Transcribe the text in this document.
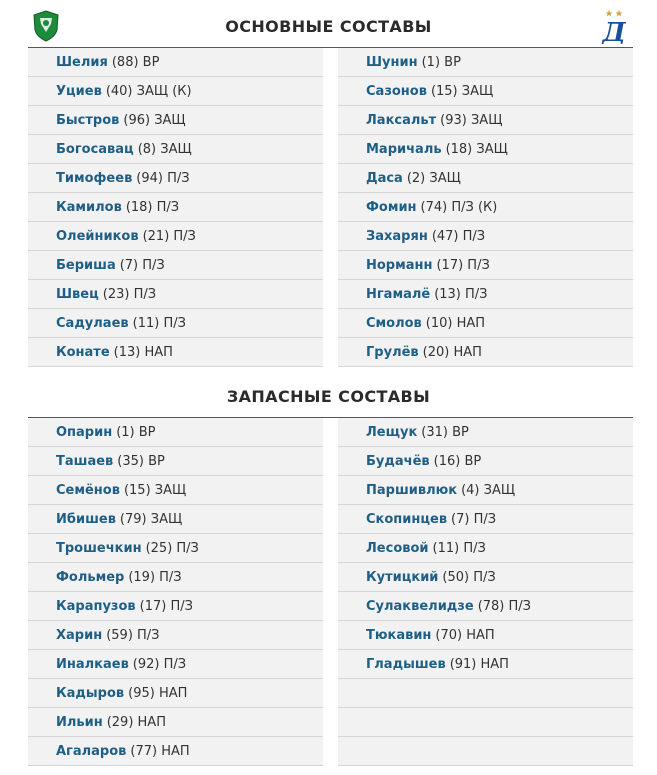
Д
ОСНОВНЫЕ СОСТАВЫ
Шелия (88) ВР
Уциев (40) ЗАЩ (К)
Быстров (96) ЗАЩ
Богосавац (8) ЗАЩ
Тимофеев (94) П/З
Камилов (18) П/З
Олейников (21) П/З
Бериша (7) П/З
Швец (23) П/З
Садулаев (11) П/З
Конате (13) НАП
Шунин (1) ВР
Сазонов (15) ЗАЩ
Лаксальт (93) ЗАЩ
Маричаль (18) ЗАЩ
Даса (2) ЗАЩ
Фомин (74) П/З (К)
Захарян (47) П/З
Норманн (17) П/З
Нгамалё (13) П/З
Смолов (10) НАП
Грулёв (20) НАП
ЗАПАСНЫЕ СОСТАВЫ
Опарин (1) ВР
Ташаев (35) ВР
Семёнов (15) ЗАЩ
Ибишев (79) ЗАЩ
Трошечкин (25) П/З
Фольмер (19) П/З
Карапузов (17) П/З
Харин (59) П/З
Иналкаев (92) П/З
Кадыров (95) НАП
Ильин (29) НАП
Агаларов (77) НАП
Лещук (31) ВР
Будачёв (16) ВР
Паршивлюк (4) ЗАЩ
Скопинцев (7) П/З
Лесовой (11) П/З
Кутицкий (50) П/З
Сулаквелидзе (78) П/З
Тюкавин (70) НАП
Гладышев (91) НАП
